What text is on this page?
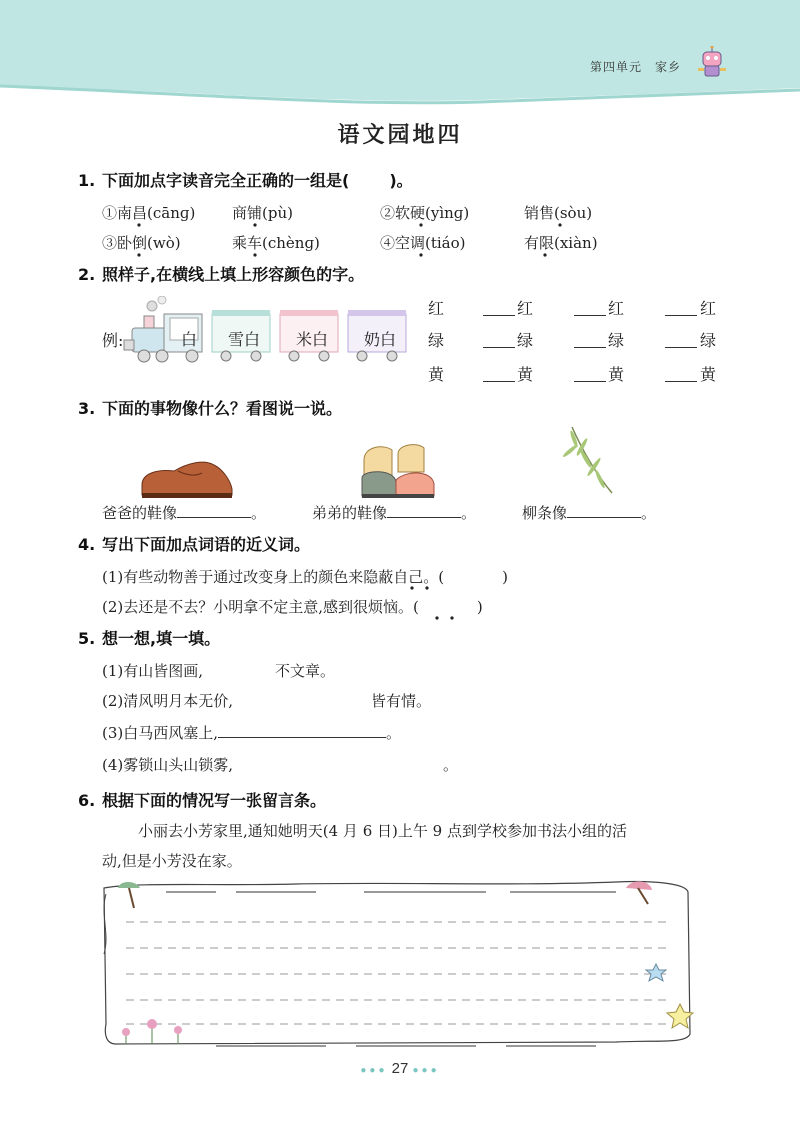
第四单元　家乡
语文园地四
1. 下面加点字读音完全正确的一组是(	)。
①南昌(cānɡ) 商铺(pù)	②软硬(yìnɡ)	销售(sòu)
③卧倒(wò)	乘车(chènɡ)	④空调(tiáo)	有限(xiàn)
2. 照样子,在横线上填上形容颜色的字。
例:	白 雪白 米白 奶白
红	红	红	红
绿	绿	绿	绿
黄	黄	黄	黄
3. 下面的事物像什么？看图说一说。
爸爸的鞋像	。	弟弟的鞋像	。	柳条像	。
4. 写出下面加点词语的近义词。
(1)有些动物善于通过改变身上的颜色来隐蔽自己。(	)
(2)去还是不去？小明拿不定主意,感到很烦恼。(	)
5. 想一想,填一填。
(1)有山皆图画,	不文章。
(2)清风明月本无价,	皆有情。
(3)白马西风塞上,	。
(4)雾锁山头山锁雾,	。
6. 根据下面的情况写一张留言条。
小丽去小芳家里,通知她明天(4 月 6 日)上午 9 点到学校参加书法小组的活
动,但是小芳没在家。
●●● 27 ●●●
